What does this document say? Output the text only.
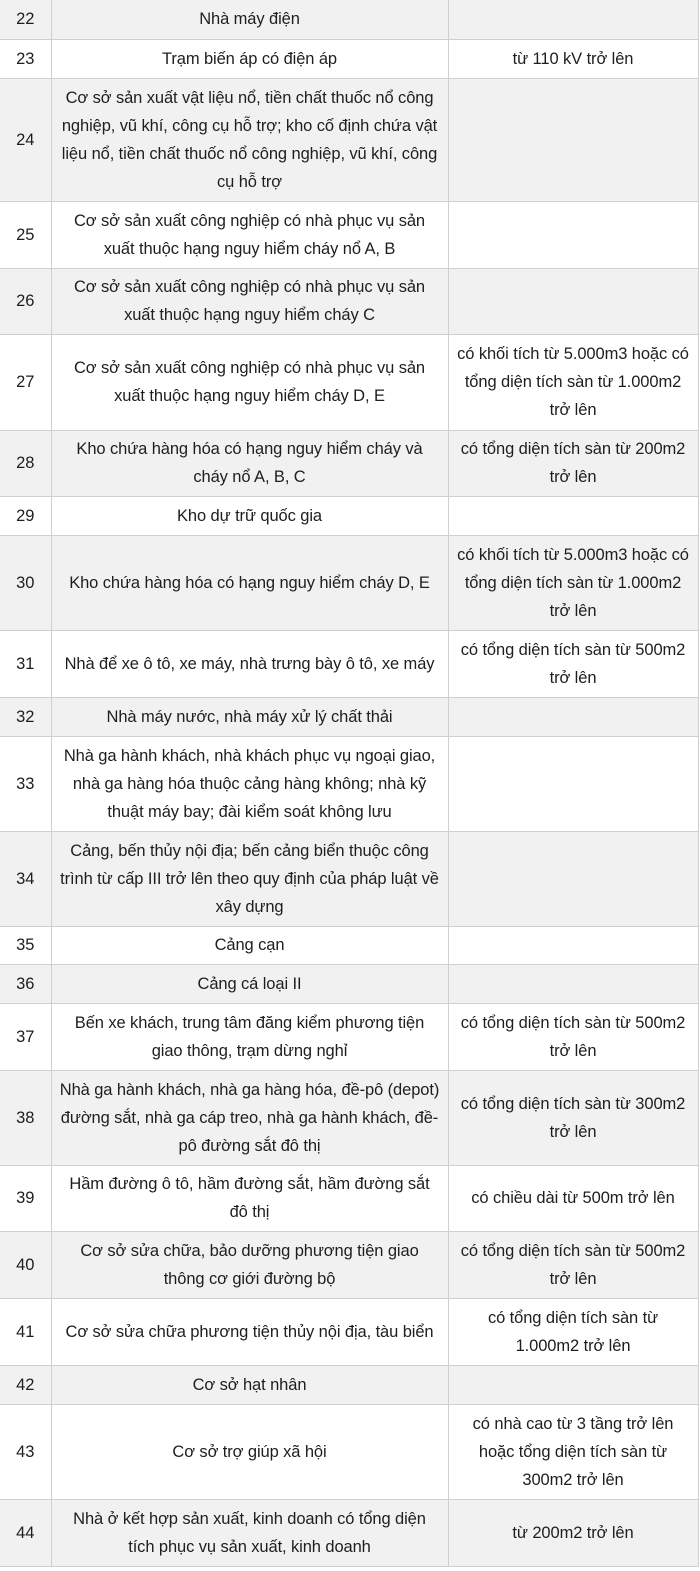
22	Nhà máy điện	
23	Trạm biến áp có điện áp	từ 110 kV trở lên
24	Cơ sở sản xuất vật liệu nổ, tiền chất thuốc nổ công nghiệp, vũ khí, công cụ hỗ trợ; kho cố định chứa vật liệu nổ, tiền chất thuốc nổ công nghiệp, vũ khí, công cụ hỗ trợ	
25	Cơ sở sản xuất công nghiệp có nhà phục vụ sản xuất thuộc hạng nguy hiểm cháy nổ A, B	
26	Cơ sở sản xuất công nghiệp có nhà phục vụ sản xuất thuộc hạng nguy hiểm cháy C	
27	Cơ sở sản xuất công nghiệp có nhà phục vụ sản xuất thuộc hạng nguy hiểm cháy D, E	có khối tích từ 5.000m3 hoặc có tổng diện tích sàn từ 1.000m2 trở lên
28	Kho chứa hàng hóa có hạng nguy hiểm cháy và cháy nổ A, B, C	có tổng diện tích sàn từ 200m2 trở lên
29	Kho dự trữ quốc gia	
30	Kho chứa hàng hóa có hạng nguy hiểm cháy D, E	có khối tích từ 5.000m3 hoặc có tổng diện tích sàn từ 1.000m2 trở lên
31	Nhà để xe ô tô, xe máy, nhà trưng bày ô tô, xe máy	có tổng diện tích sàn từ 500m2 trở lên
32	Nhà máy nước, nhà máy xử lý chất thải	
33	Nhà ga hành khách, nhà khách phục vụ ngoại giao, nhà ga hàng hóa thuộc cảng hàng không; nhà kỹ thuật máy bay; đài kiểm soát không lưu	
34	Cảng, bến thủy nội địa; bến cảng biển thuộc công trình từ cấp III trở lên theo quy định của pháp luật về xây dựng	
35	Cảng cạn	
36	Cảng cá loại II	
37	Bến xe khách, trung tâm đăng kiểm phương tiện giao thông, trạm dừng nghỉ	có tổng diện tích sàn từ 500m2 trở lên
38	Nhà ga hành khách, nhà ga hàng hóa, đề-pô (depot) đường sắt, nhà ga cáp treo, nhà ga hành khách, đề-pô đường sắt đô thị	có tổng diện tích sàn từ 300m2 trở lên
39	Hầm đường ô tô, hầm đường sắt, hầm đường sắt đô thị	có chiều dài từ 500m trở lên
40	Cơ sở sửa chữa, bảo dưỡng phương tiện giao thông cơ giới đường bộ	có tổng diện tích sàn từ 500m2 trở lên
41	Cơ sở sửa chữa phương tiện thủy nội địa, tàu biển	có tổng diện tích sàn từ 1.000m2 trở lên
42	Cơ sở hạt nhân	
43	Cơ sở trợ giúp xã hội	có nhà cao từ 3 tầng trở lên hoặc tổng diện tích sàn từ 300m2 trở lên
44	Nhà ở kết hợp sản xuất, kinh doanh có tổng diện tích phục vụ sản xuất, kinh doanh	từ 200m2 trở lên
